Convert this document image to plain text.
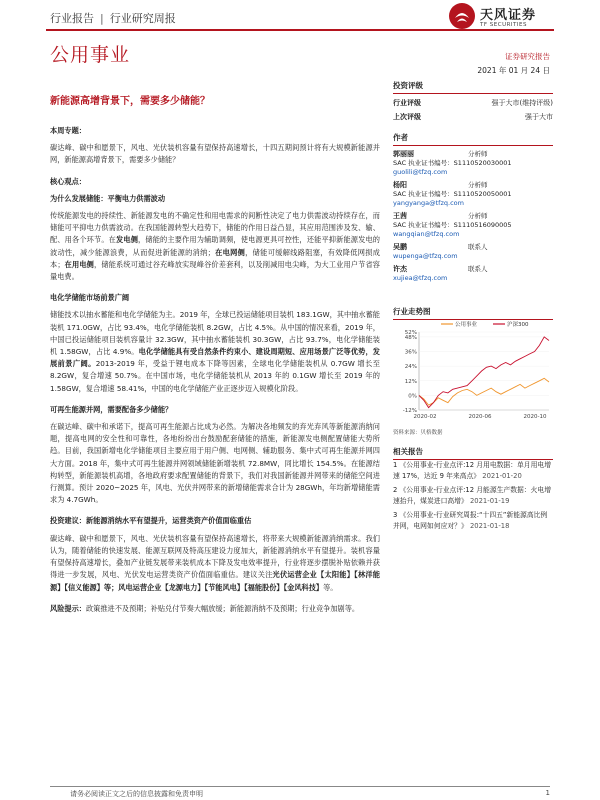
行业报告 | 行业研究周报	天风证券
TF SECURITIES
公用事业	证券研究报告
2021 年 01 月 24 日
新能源高增背景下，需要多少储能？

本周专题：

碳达峰、碳中和愿景下，风电、光伏装机容量有望保持高速增长，十四五期间预计将有大规模新能源并网，新能源高增背景下，需要多少储能？

核心观点：

为什么发展储能：平衡电力供需波动

传统能源发电的持续性、新能源发电的不确定性和用电需求的间断性决定了电力供需波动持续存在，而储能可平抑电力供需波动。在我国能源转型大趋势下，储能的作用日益凸显，其应用范围涉及发、输、配、用各个环节。在发电侧，储能的主要作用为辅助调频，使电源更具可控性，还能平抑新能源发电的波动性，减少能源浪费，从而促进新能源的消纳；在电网侧，储能可缓解线路阻塞，有效降低网损成本；在用电侧，储能系统可通过谷充峰放实现峰谷价差套利，以及削减用电尖峰，为大工业用户节省容量电费。

电化学储能市场前景广阔

储能技术以抽水蓄能和电化学储能为主。2019 年，全球已投运储能项目装机 183.1GW，其中抽水蓄能装机 171.0GW，占比 93.4%，电化学储能装机 8.2GW，占比 4.5%。从中国的情况来看，2019 年，中国已投运储能项目装机容量计 32.3GW，其中抽水蓄能装机 30.3GW，占比 93.7%，电化学储能装机 1.58GW，占比 4.9%。电化学储能具有受自然条件约束小、建设周期短、应用场景广泛等优势，发展前景广阔。2013-2019 年，受益于锂电成本下降等因素，全球电化学储能装机从 0.7GW 增长至 8.2GW，复合增速 50.7%。在中国市场，电化学储能装机从 2013 年的 0.1GW 增长至 2019 年的 1.58GW，复合增速 58.41%，中国的电化学储能产业正逐步迈入规模化阶段。

可再生能源并网，需要配备多少储能？

在碳达峰、碳中和承诺下，提高可再生能源占比成为必然。为解决各地频发的弃光弃风等新能源消纳问题，提高电网的安全性和可靠性，各地纷纷出台鼓励配套储能的措施，新能源发电侧配置储能大势所趋。目前，我国新增电化学储能项目主要应用于用户侧、电网侧、辅助服务、集中式可再生能源并网四大方面。2018 年，集中式可再生能源并网领域储能新增装机 72.8MW，同比增长 154.5%。在能源结构转型，新能源装机高增，各地政府要求配置储能的背景下，我们对我国新能源并网带来的储能空间进行测算。预计 2020~2025 年，风电、光伏并网带来的新增储能需求合计为 28GWh，年均新增储能需求为 4.7GWh。

投资建议：新能源消纳水平有望提升，运营类资产价值面临重估

碳达峰、碳中和愿景下，风电、光伏装机容量有望保持高速增长，将带来大规模新能源消纳需求。我们认为，随着储能的快速发展、能源互联网及特高压建设力度加大，新能源消纳水平有望提升。装机容量有望保持高速增长，叠加产业链发展带来装机成本下降及发电效率提升，行业将逐步摆脱补贴依赖并获得进一步发展，风电、光伏发电运营类资产价值面临重估。建议关注光伏运营企业【太阳能】【林洋能源】【信义能源】等；风电运营企业【龙源电力】【节能风电】【福能股份】【金风科技】等。

风险提示：政策推进不及预期；补贴兑付节奏大幅放缓；新能源消纳不及预期；行业竞争加剧等。

投资评级
行业评级	强于大市(维持评级)
上次评级	强于大市
作者
郭丽丽	分析师
SAC 执业证书编号：S1110520030001
guolili@tfzq.com
杨阳	分析师
SAC 执业证书编号：S1110520050001
yangyanga@tfzq.com
王茜	分析师
SAC 执业证书编号：S1110516090005
wangqian@tfzq.com
吴鹏	联系人
wupenga@tfzq.com
许杰	联系人
xujiea@tfzq.com
行业走势图
-12%
0%
12%
24%
36%
48%
52%
2020-02	2020-06	2020-10
公用事业	沪深300
资料来源：贝格数据
相关报告
1 《公用事业-行业点评:12 月用电数据：单月用电增速 17%，达近 9 年来高点》 2021-01-20
2 《公用事业-行业点评:12 月能源生产数据：火电增速抬升，煤炭进口高增》 2021-01-19
3 《公用事业-行业研究周报:“十四五”新能源高比例并网，电网如何应对？》 2021-01-18
请务必阅读正文之后的信息披露和免责申明	1
